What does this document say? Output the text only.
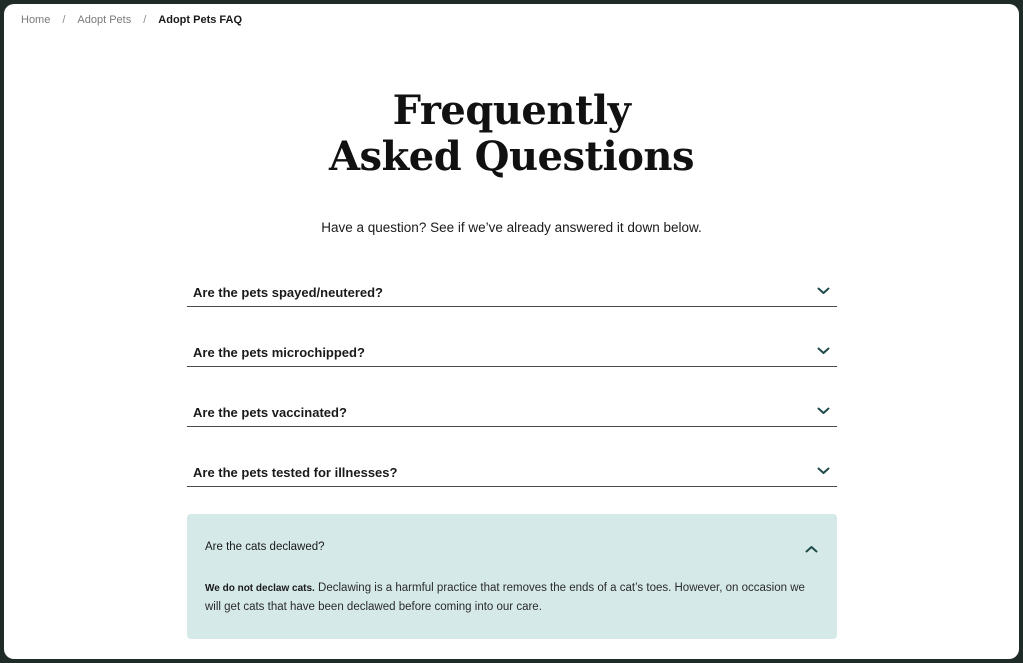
Home / Adopt Pets / Adopt Pets FAQ
Frequently
Asked Questions

Have a question? See if we’ve already answered it down below.

Are the pets spayed/neutered?
Are the pets microchipped?
Are the pets vaccinated?
Are the pets tested for illnesses?
Are the cats declawed?

We do not declaw cats. Declawing is a harmful practice that removes the ends of a cat’s toes. However, on occasion we will get cats that have been declawed before coming into our care.
